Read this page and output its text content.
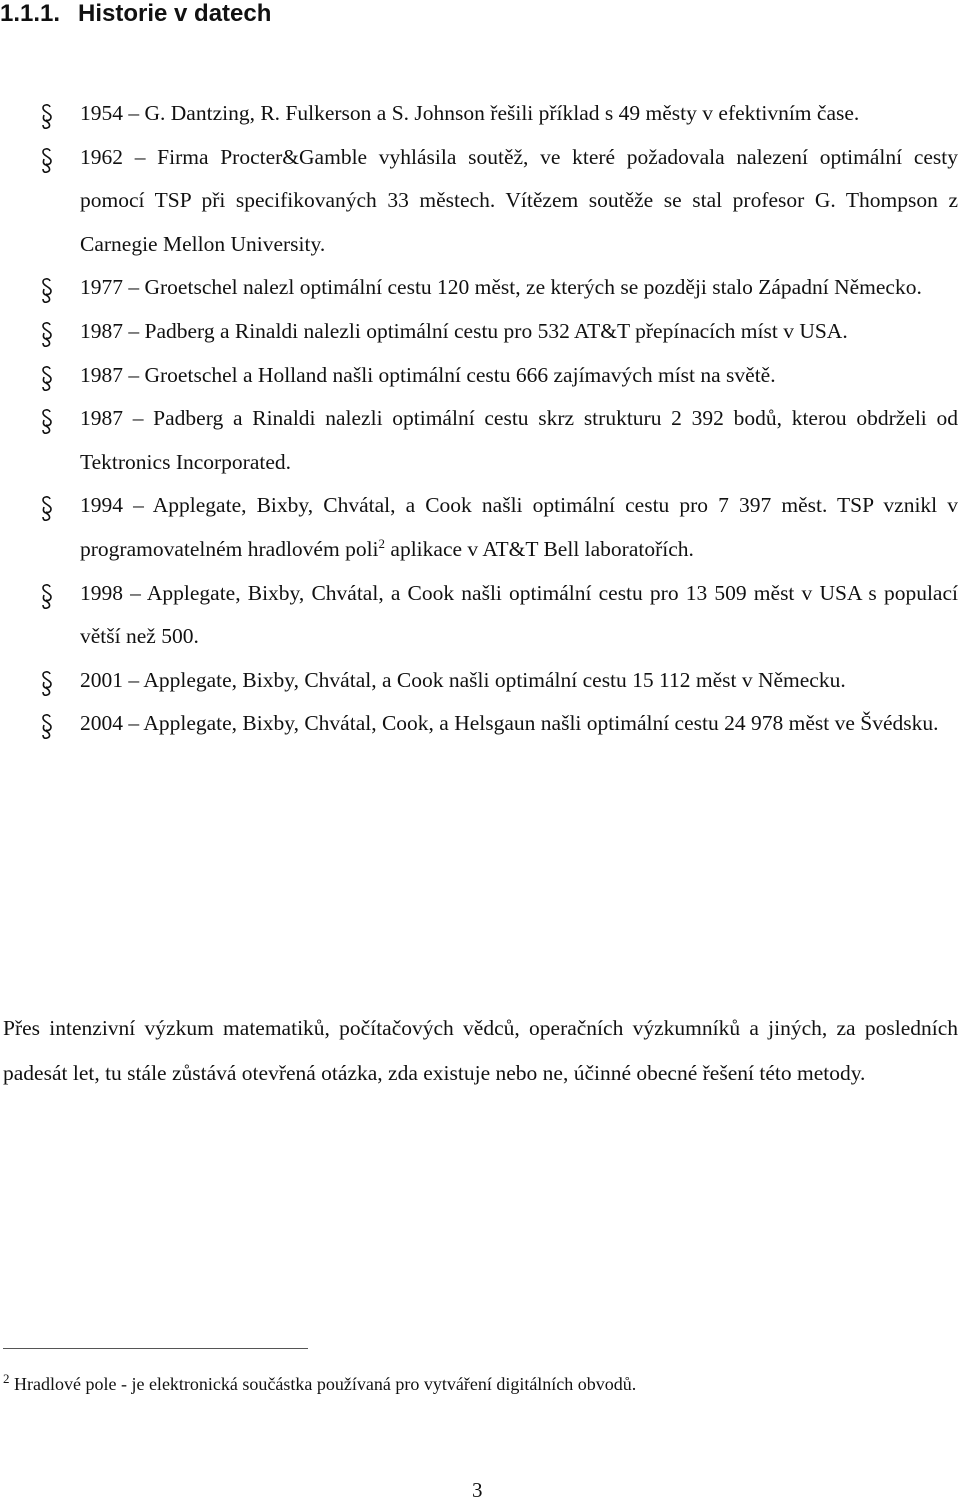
1.1.1. Historie v datech
1954 – G. Dantzing, R. Fulkerson a S. Johnson řešili příklad s 49 městy v efektivním čase.
1962 – Firma Procter&Gamble vyhlásila soutěž, ve které požadovala nalezení optimální cesty pomocí TSP při specifikovaných 33 městech. Vítězem soutěže se stal profesor G. Thompson z Carnegie Mellon University.
1977 – Groetschel nalezl optimální cestu 120 měst, ze kterých se později stalo Západní Německo.
1987 – Padberg a Rinaldi nalezli optimální cestu pro 532 AT&T přepínacích míst v USA.
1987 – Groetschel a Holland našli optimální cestu 666 zajímavých míst na světě.
1987 – Padberg a Rinaldi nalezli optimální cestu skrz strukturu 2 392 bodů, kterou obdrželi od Tektronics Incorporated.
1994 – Applegate, Bixby, Chvátal, a Cook našli optimální cestu pro 7 397 měst. TSP vznikl v programovatelném hradlovém poli$^2$ aplikace v AT&T Bell laboratořích.
1998 – Applegate, Bixby, Chvátal, a Cook našli optimální cestu pro 13 509 měst v USA s populací větší než 500.
2001 – Applegate, Bixby, Chvátal, a Cook našli optimální cestu 15 112 měst v Německu.
2004 – Applegate, Bixby, Chvátal, Cook, a Helsgaun našli optimální cestu 24 978 měst ve Švédsku.

Přes intenzivní výzkum matematiků, počítačových vědců, operačních výzkumníků a jiných, za posledních padesát let, tu stále zůstává otevřená otázka, zda existuje nebo ne, účinné obecné řešení této metody.

$^2$ Hradlové pole - je elektronická součástka používaná pro vytváření digitálních obvodů.
3
